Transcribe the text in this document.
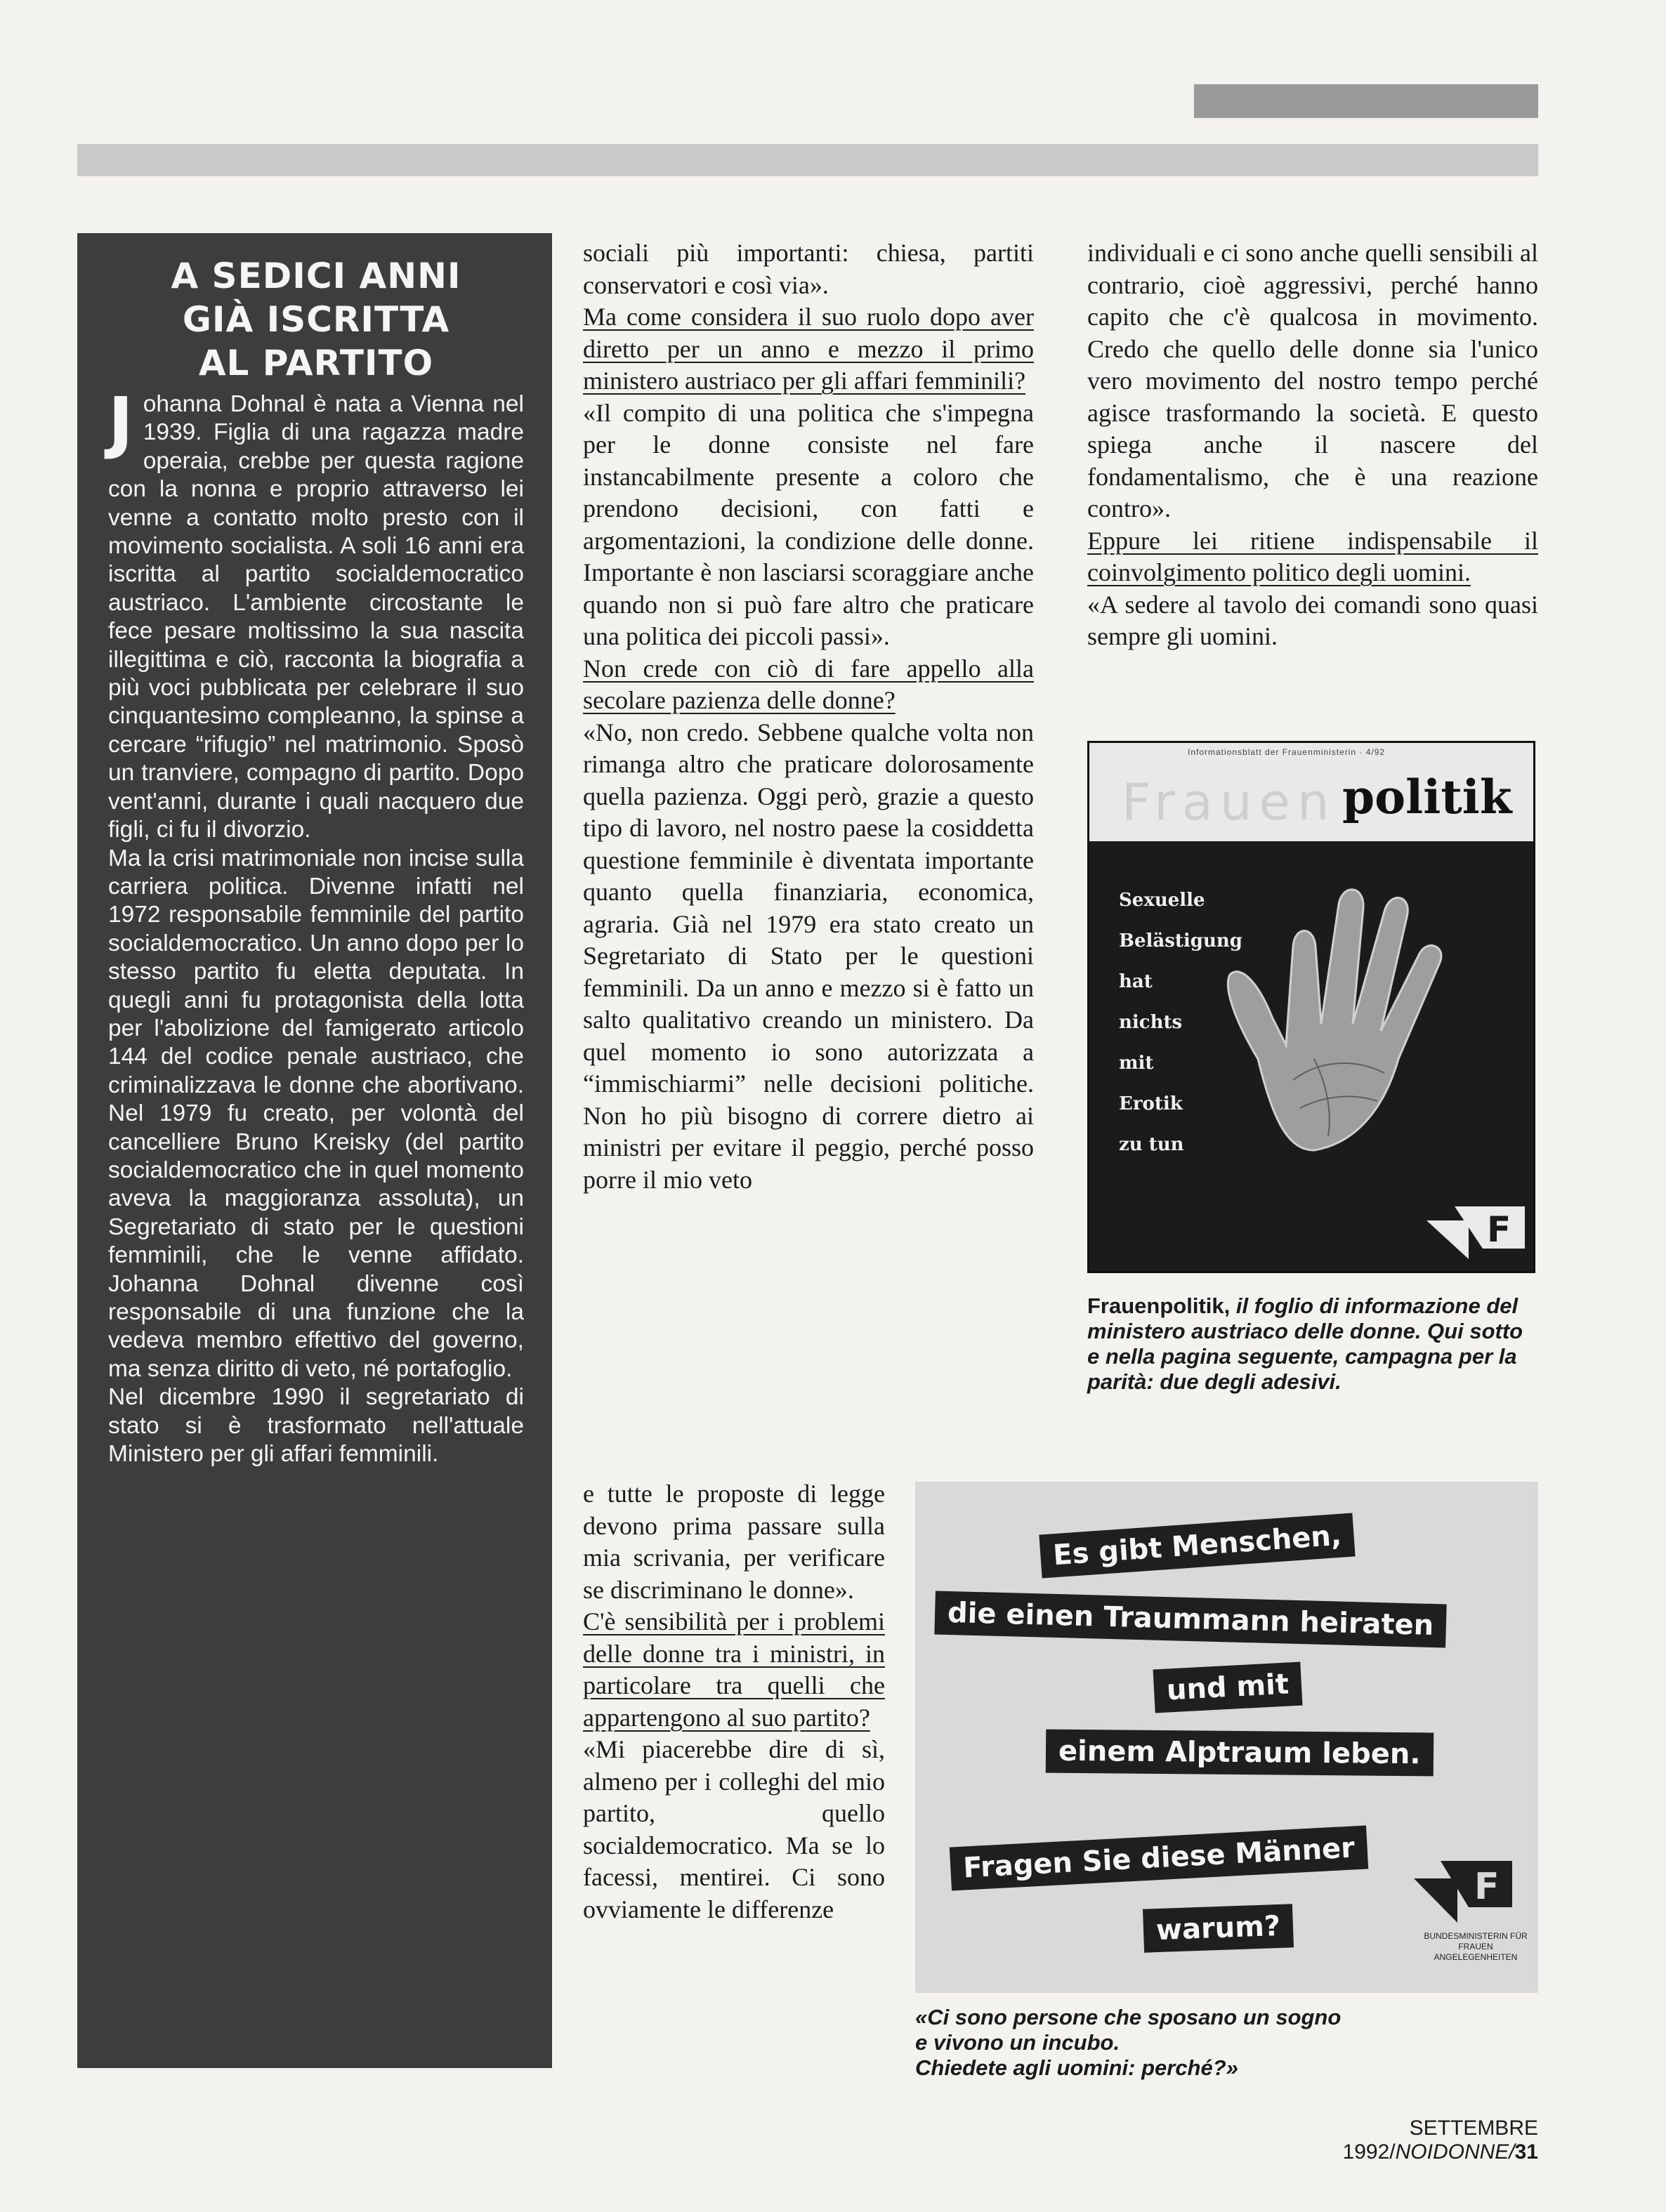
A SEDICI ANNI
GIÀ ISCRITTA
AL PARTITO

Johanna Dohnal è nata a Vienna nel 1939. Figlia di una ragazza madre operaia, crebbe per questa ragione con la nonna e proprio attraverso lei venne a contatto molto presto con il movimento socialista. A soli 16 anni era iscritta al partito socialdemocratico austriaco. L'ambiente circostante le fece pesare moltissimo la sua nascita illegittima e ciò, racconta la biografia a più voci pubblicata per celebrare il suo cinquantesimo compleanno, la spinse a cercare “rifugio” nel matrimonio. Sposò un tranviere, compagno di partito. Dopo vent'anni, durante i quali nacquero due figli, ci fu il divorzio.

Ma la crisi matrimoniale non incise sulla carriera politica. Divenne infatti nel 1972 responsabile femminile del partito socialdemocratico. Un anno dopo per lo stesso partito fu eletta deputata. In quegli anni fu protagonista della lotta per l'abolizione del famigerato articolo 144 del codice penale austriaco, che criminalizzava le donne che abortivano. Nel 1979 fu creato, per volontà del cancelliere Bruno Kreisky (del partito socialdemocratico che in quel momento aveva la maggioranza assoluta), un Segretariato di stato per le questioni femminili, che le venne affidato. Johanna Dohnal divenne così responsabile di una funzione che la vedeva membro effettivo del governo, ma senza diritto di veto, né portafoglio.

Nel dicembre 1990 il segretariato di stato si è trasformato nell'attuale Ministero per gli affari femminili.

sociali più importanti: chiesa, partiti conservatori e così via».

Ma come considera il suo ruolo dopo aver diretto per un anno e mezzo il primo ministero austriaco per gli affari femminili?

«Il compito di una politica che s'impegna per le donne consiste nel fare instancabilmente presente a coloro che prendono decisioni, con fatti e argomentazioni, la condizione delle donne. Importante è non lasciarsi scoraggiare anche quando non si può fare altro che praticare una politica dei piccoli passi».

Non crede con ciò di fare appello alla secolare pazienza delle donne?

«No, non credo. Sebbene qualche volta non rimanga altro che praticare dolorosamente quella pazienza. Oggi però, grazie a questo tipo di lavoro, nel nostro paese la cosiddetta questione femminile è diventata importante quanto quella finanziaria, economica, agraria. Già nel 1979 era stato creato un Segretariato di Stato per le questioni femminili. Da un anno e mezzo si è fatto un salto qualitativo creando un ministero. Da quel momento io sono autorizzata a “immischiarmi” nelle decisioni politiche. Non ho più bisogno di correre dietro ai ministri per evitare il peggio, perché posso porre il mio veto

e tutte le proposte di legge devono prima passare sulla mia scrivania, per verificare se discriminano le donne».

C'è sensibilità per i problemi delle donne tra i ministri, in particolare tra quelli che appartengono al suo partito?

«Mi piacerebbe dire di sì, almeno per i colleghi del mio partito, quello socialdemocratico. Ma se lo facessi, mentirei. Ci sono ovviamente le differenze

individuali e ci sono anche quelli sensibili al contrario, cioè aggressivi, perché hanno capito che c'è qualcosa in movimento. Credo che quello delle donne sia l'unico vero movimento del nostro tempo perché agisce trasformando la società. E questo spiega anche il nascere del fondamentalismo, che è una reazione contro».

Eppure lei ritiene indispensabile il coinvolgimento politico degli uomini.

«A sedere al tavolo dei comandi sono quasi sempre gli uomini.

Informationsblatt der Frauenministerin · 4/92
Frauen politik
Sexuelle
Belästigung
hat
nichts
mit
Erotik
zu tun
F
Frauenpolitik, il foglio di informazione del ministero austriaco delle donne. Qui sotto e nella pagina seguente, campagna per la parità: due degli adesivi.
Es gibt Menschen,
die einen Traummann heiraten
und mit
einem Alptraum leben.
Fragen Sie diese Männer
warum?
F
BUNDESMINISTERIN FÜR FRAUEN ANGELEGENHEITEN
«Ci sono persone che sposano un sogno
e vivono un incubo.
Chiedete agli uomini: perché?»
SETTEMBRE 1992/NOIDONNE/31
